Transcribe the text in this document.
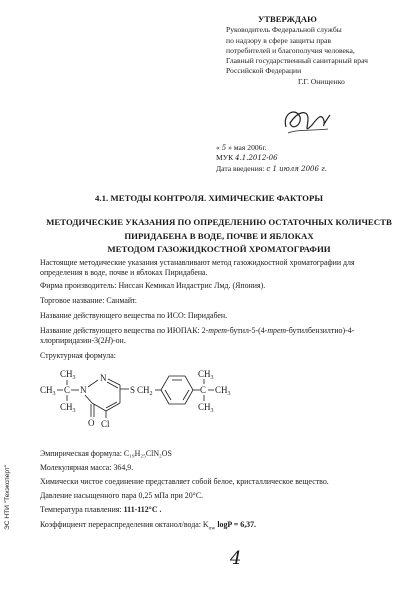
УТВЕРЖДАЮ
Руководитель Федеральной службы
по надзору в сфере защиты прав
потребителей и благополучия человека,
Главный государственный санитарный врач
Российской Федерации
Г.Г. Онищенко
« 5 » мая 2006г.
МУК 4.1.2012-06
Дата введения: с 1 июля 2006 г.
4.1. МЕТОДЫ КОНТРОЛЯ. ХИМИЧЕСКИЕ ФАКТОРЫ
МЕТОДИЧЕСКИЕ УКАЗАНИЯ ПО ОПРЕДЕЛЕНИЮ ОСТАТОЧНЫХ КОЛИЧЕСТВ
ПИРИДАБЕНА В ВОДЕ, ПОЧВЕ И ЯБЛОКАХ
МЕТОДОМ ГАЗОЖИДКОСТНОЙ ХРОМАТОГРАФИИ
Настоящие методические указания устанавливают метод газожидкостной хроматографии для
определения в воде, почве и яблоках Пиридабена.
Фирма производитель: Ниссан Кемикал Индастрис Лмд. (Япония).
Торговое название: Санмайт.
Название действующего вещества по ИСО: Пиридабен.
Название действующего вещества по ИЮПАК: 2-трет-бутил-5-(4-трет-бутилбензилтио)-4-
хлорпиридазин-3(2Н)-он.
Структурная формула:
$CH_3$
$CH_3$ C
$CH_3$
N
N
O Cl
S $CH_2$	C
$CH_3$
$CH_3$
$CH_3$
Эмпирическая формула: C₁₉H₂₅ClN₂OS
Молекулярная масса: 364,9.
Химически чистое соединение представляет собой белое, кристаллическое вещество.
Давление насыщенного пара 0,25 мПа при 20°С.
Температура плавления: 111-112°С .
Коэффициент перераспределения октанол/вода: $K_{ow}$ logP = 6,37.
ЭС НТИ "Техэксперт"
4
